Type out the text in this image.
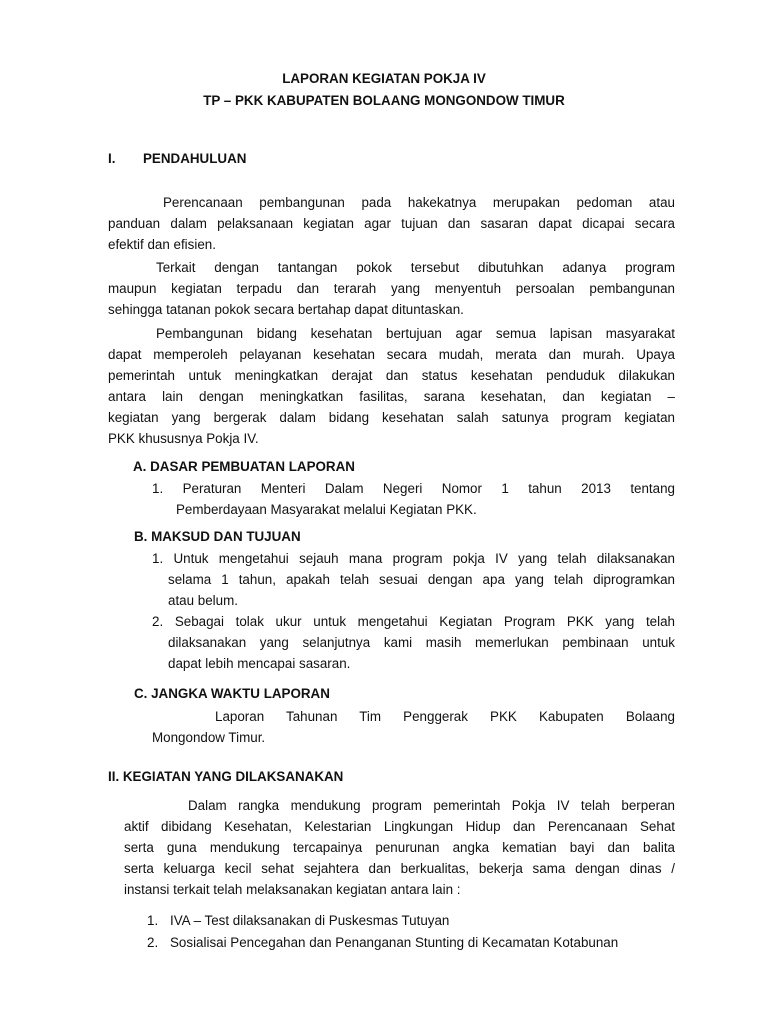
LAPORAN KEGIATAN POKJA IV
TP – PKK KABUPATEN BOLAANG MONGONDOW TIMUR
I. PENDAHULUAN
Perencanaan pembangunan pada hakekatnya merupakan pedoman atau
panduan dalam pelaksanaan kegiatan agar tujuan dan sasaran dapat dicapai secara
efektif dan efisien.
Terkait dengan tantangan pokok tersebut dibutuhkan adanya program
maupun kegiatan terpadu dan terarah yang menyentuh persoalan pembangunan
sehingga tatanan pokok secara bertahap dapat dituntaskan.
Pembangunan bidang kesehatan bertujuan agar semua lapisan masyarakat
dapat memperoleh pelayanan kesehatan secara mudah, merata dan murah. Upaya
pemerintah untuk meningkatkan derajat dan status kesehatan penduduk dilakukan
antara lain dengan meningkatkan fasilitas, sarana kesehatan, dan kegiatan –
kegiatan yang bergerak dalam bidang kesehatan salah satunya program kegiatan
PKK khususnya Pokja IV.
A. DASAR PEMBUATAN LAPORAN
1. Peraturan Menteri Dalam Negeri Nomor 1 tahun 2013 tentang
Pemberdayaan Masyarakat melalui Kegiatan PKK.
B. MAKSUD DAN TUJUAN
1. Untuk mengetahui sejauh mana program pokja IV yang telah dilaksanakan
selama 1 tahun, apakah telah sesuai dengan apa yang telah diprogramkan
atau belum.
2. Sebagai tolak ukur untuk mengetahui Kegiatan Program PKK yang telah
dilaksanakan yang selanjutnya kami masih memerlukan pembinaan untuk
dapat lebih mencapai sasaran.
C. JANGKA WAKTU LAPORAN
Laporan Tahunan Tim Penggerak PKK Kabupaten Bolaang
Mongondow Timur.
II. KEGIATAN YANG DILAKSANAKAN
Dalam rangka mendukung program pemerintah Pokja IV telah berperan
aktif dibidang Kesehatan, Kelestarian Lingkungan Hidup dan Perencanaan Sehat
serta guna mendukung tercapainya penurunan angka kematian bayi dan balita
serta keluarga kecil sehat sejahtera dan berkualitas, bekerja sama dengan dinas /
instansi terkait telah melaksanakan kegiatan antara lain :
1. IVA – Test dilaksanakan di Puskesmas Tutuyan
2. Sosialisai Pencegahan dan Penanganan Stunting di Kecamatan Kotabunan
